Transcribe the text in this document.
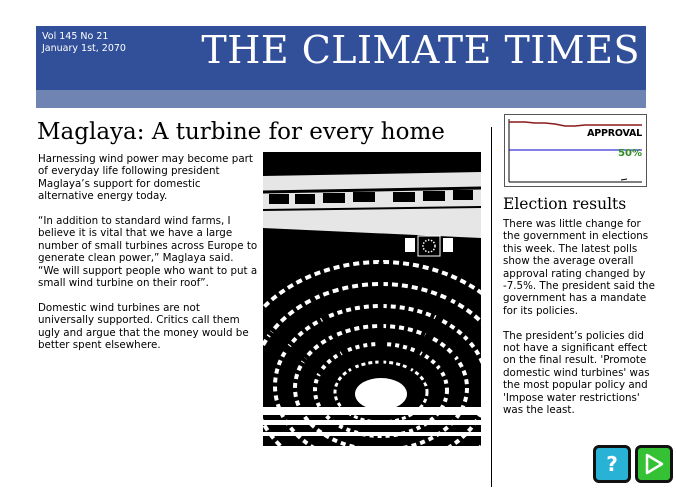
Vol 145 No 21
January 1st, 2070 THE CLIMATE TIMES
Maglaya: A turbine for every home

Harnessing wind power may become part of everyday life following president Maglaya’s support for domestic alternative energy today.

“In addition to standard wind farms, I believe it is vital that we have a large number of small turbines across Europe to generate clean power,” Maglaya said. “We will support people who want to put a small wind turbine on their roof”.

Domestic wind turbines are not universally supported. Critics call them ugly and argue that the money would be better spent elsewhere.

APPROVAL
50%
Election results

There was little change for the government in elections this week. The latest polls show the average overall approval rating changed by -7.5%. The president said the government has a mandate for its policies.

The president’s policies did not have a significant effect on the final result. 'Promote domestic wind turbines' was the most popular policy and 'Impose water restrictions' was the least.

?
